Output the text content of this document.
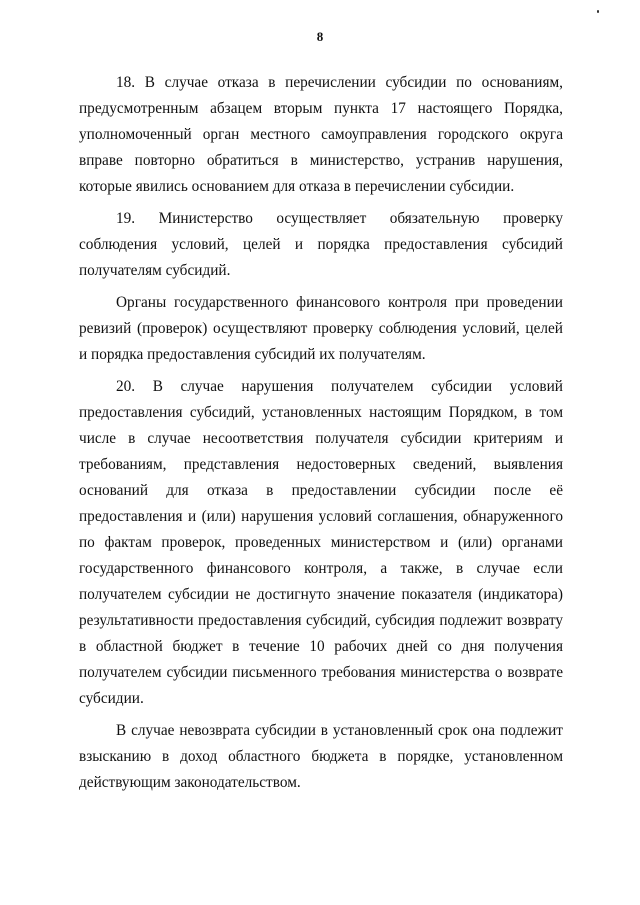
8

18. В случае отказа в перечислении субсидии по основаниям, предусмотренным абзацем вторым пункта 17 настоящего Порядка, уполномоченный орган местного самоуправления городского округа вправе повторно обратиться в министерство, устранив нарушения, которые явились основанием для отказа в перечислении субсидии.

19. Министерство осуществляет обязательную проверку соблюдения условий, целей и порядка предоставления субсидий получателям субсидий.

Органы государственного финансового контроля при проведении ревизий (проверок) осуществляют проверку соблюдения условий, целей и порядка предоставления субсидий их получателям.

20. В случае нарушения получателем субсидии условий предоставления субсидий, установленных настоящим Порядком, в том числе в случае несоответствия получателя субсидии критериям и требованиям, представления недостоверных сведений, выявления оснований для отказа в предоставлении субсидии после её предоставления и (или) нарушения условий соглашения, обнаруженного по фактам проверок, проведенных министерством и (или) органами государственного финансового контроля, а также, в случае если получателем субсидии не достигнуто значение показателя (индикатора) результативности предоставления субсидий, субсидия подлежит возврату в областной бюджет в течение 10 рабочих дней со дня получения получателем субсидии письменного требования министерства о возврате субсидии.

В случае невозврата субсидии в установленный срок она подлежит взысканию в доход областного бюджета в порядке, установленном действующим законодательством.
